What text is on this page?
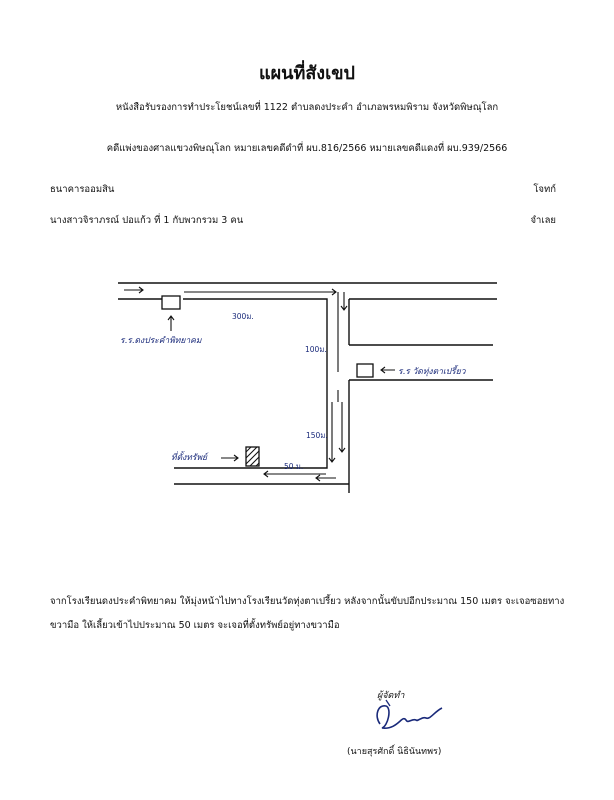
แผนที่สังเขป
หนังสือรับรองการทำประโยชน์เลขที่ 1122 ตำบลดงประคำ อำเภอพรหมพิราม จังหวัดพิษณุโลก
คดีแพ่งของศาลแขวงพิษณุโลก หมายเลขคดีดำที่ ผบ.816/2566 หมายเลขคดีแดงที่ ผบ.939/2566
ธนาคารออมสิน	โจทก์
นางสาวจิราภรณ์ ปอแก้ว ที่ 1 กับพวกรวม 3 คน	จำเลย
ร.ร.ดงประคำพิทยาคม
ร.ร วัดทุ่งตาเปรี้ยว
ที่ตั้งทรัพย์
300ม.
100ม.
150ม.
50 ม.
จากโรงเรียนดงประคำพิทยาคม ให้มุ่งหน้าไปทางโรงเรียนวัดทุ่งตาเปรี้ยว หลังจากนั้นขับปอีกประมาณ 150 เมตร จะเจอซอยทางขวามือ ให้เลี้ยวเข้าไปประมาณ 50 เมตร จะเจอที่ตั้งทรัพย์อยู่ทางขวามือ
ผู้จัดทำ
(นายสุรศักดิ์ นิธินันทพร)
